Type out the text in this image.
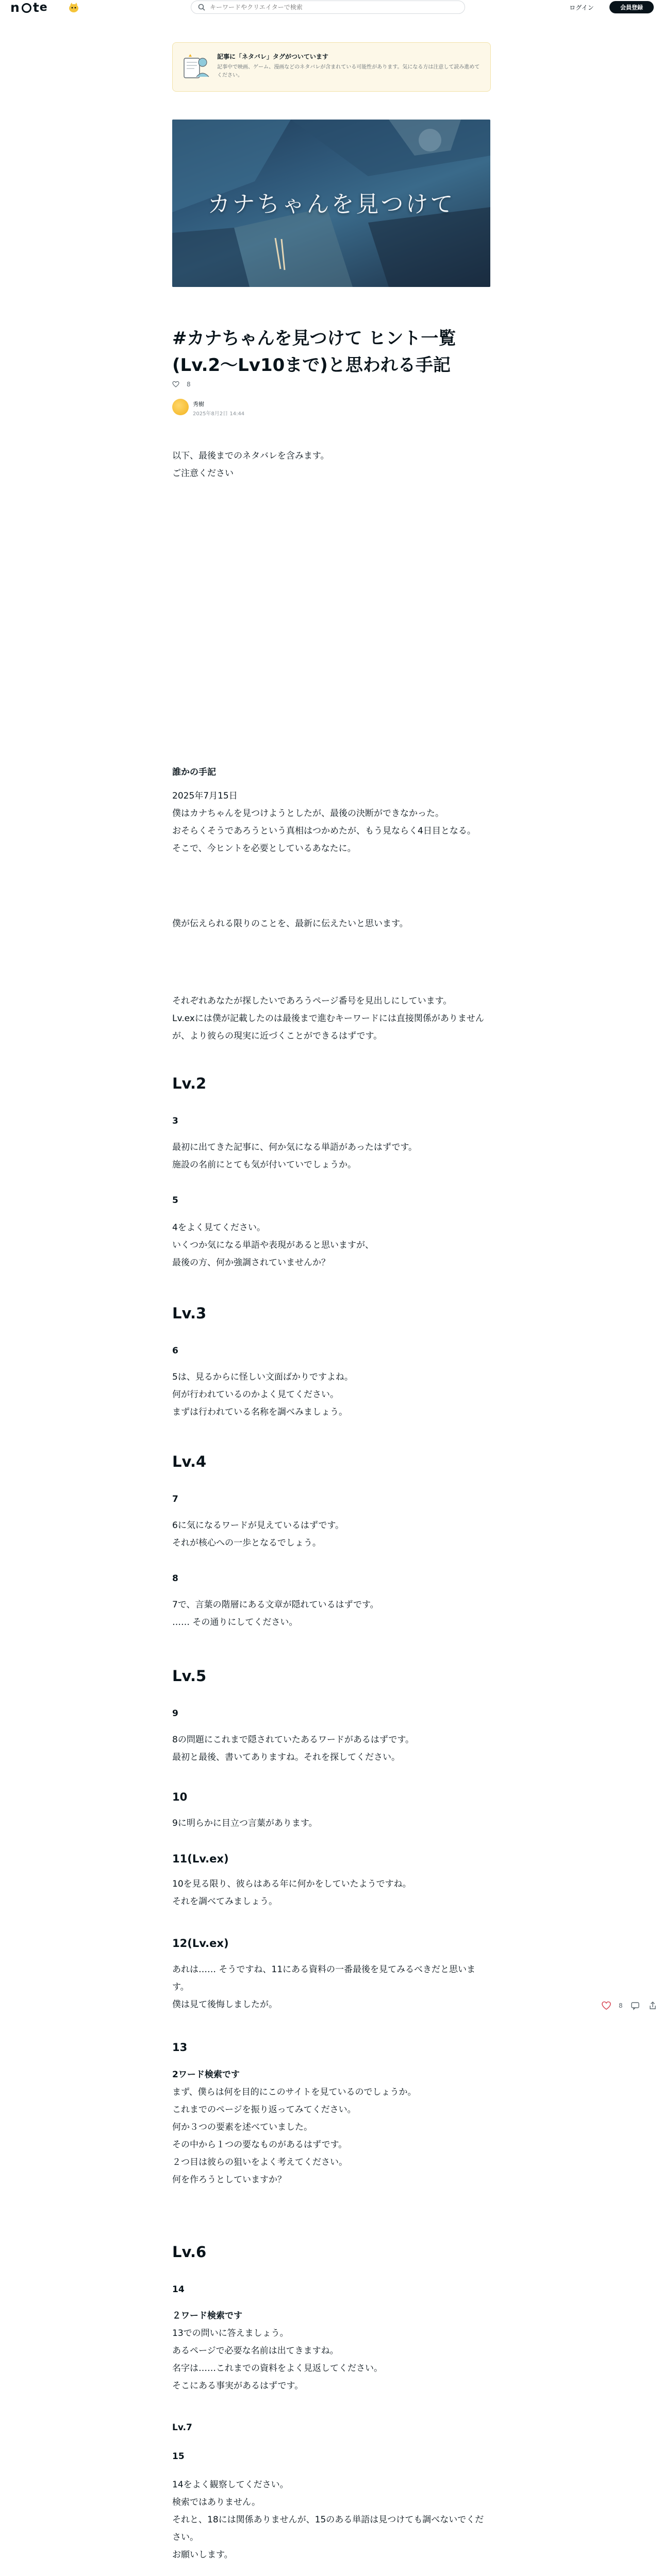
n t e
キーワードやクリエイターで検索	ログイン	会員登録
記事に「ネタバレ」タグがついています
記事中で映画、ゲーム、漫画などのネタバレが含まれている可能性があります。気になる方は注意して読み進めてください。
カナちゃんを見つけて
#カナちゃんを見つけて ヒント一覧(Lv.2〜Lv10まで)と思われる手記
8
秀樹
2025年8月2日 14:44
以下、最後までのネタバレを含みます。
ご注意ください
誰かの手記
2025年7月15日
僕はカナちゃんを見つけようとしたが、最後の決断ができなかった。
おそらくそうであろうという真相はつかめたが、もう見ならく4日目となる。
そこで、今ヒントを必要としているあなたに。
僕が伝えられる限りのことを、最新に伝えたいと思います。
それぞれあなたが探したいであろうページ番号を見出しにしています。
Lv.exには僕が記載したのは最後まで進むキーワードには直接関係がありませんが、より彼らの現実に近づくことができるはずです。
Lv.2
3
最初に出てきた記事に、何か気になる単語があったはずです。
施設の名前にとても気が付いていでしょうか。
5
4をよく見てください。
いくつか気になる単語や表現があると思いますが、
最後の方、何か強調されていませんか？
Lv.3
6
5は、見るからに怪しい文面ばかりですよね。
何が行われているのかよく見てください。
まずは行われている名称を調べみましょう。
Lv.4
7
6に気になるワードが見えているはずです。
それが核心への一歩となるでしょう。
8
7で、言葉の階層にある文章が隠れているはずです。
…… その通りにしてください。
Lv.5
9
8の問題にこれまで隠されていたあるワードがあるはずです。
最初と最後、書いてありますね。それを探してください。
10
9に明らかに目立つ言葉があります。
11(Lv.ex)
10を見る限り、彼らはある年に何かをしていたようですね。
それを調べてみましょう。
12(Lv.ex)
あれは…… そうですね、11にある資料の一番最後を見てみるべきだと思います。
僕は見て後悔しましたが。
13
2ワード検索です
まず、僕らは何を目的にこのサイトを見ているのでしょうか。
これまでのページを振り返ってみてください。
何か３つの要素を述べていました。
その中から１つの要なものがあるはずです。
２つ目は彼らの狙いをよく考えてください。
何を作ろうとしていますか？
Lv.6
14
２ワード検索です
13での問いに答えましょう。
あるページで必要な名前は出てきますね。
名字は……これまでの資料をよく見返してください。
そこにある事実があるはずです。
Lv.7
15
14をよく観察してください。
検索ではありません。
それと、18には関係ありませんが、15のある単語は見つけても調べないでください。
お願いします。
8
